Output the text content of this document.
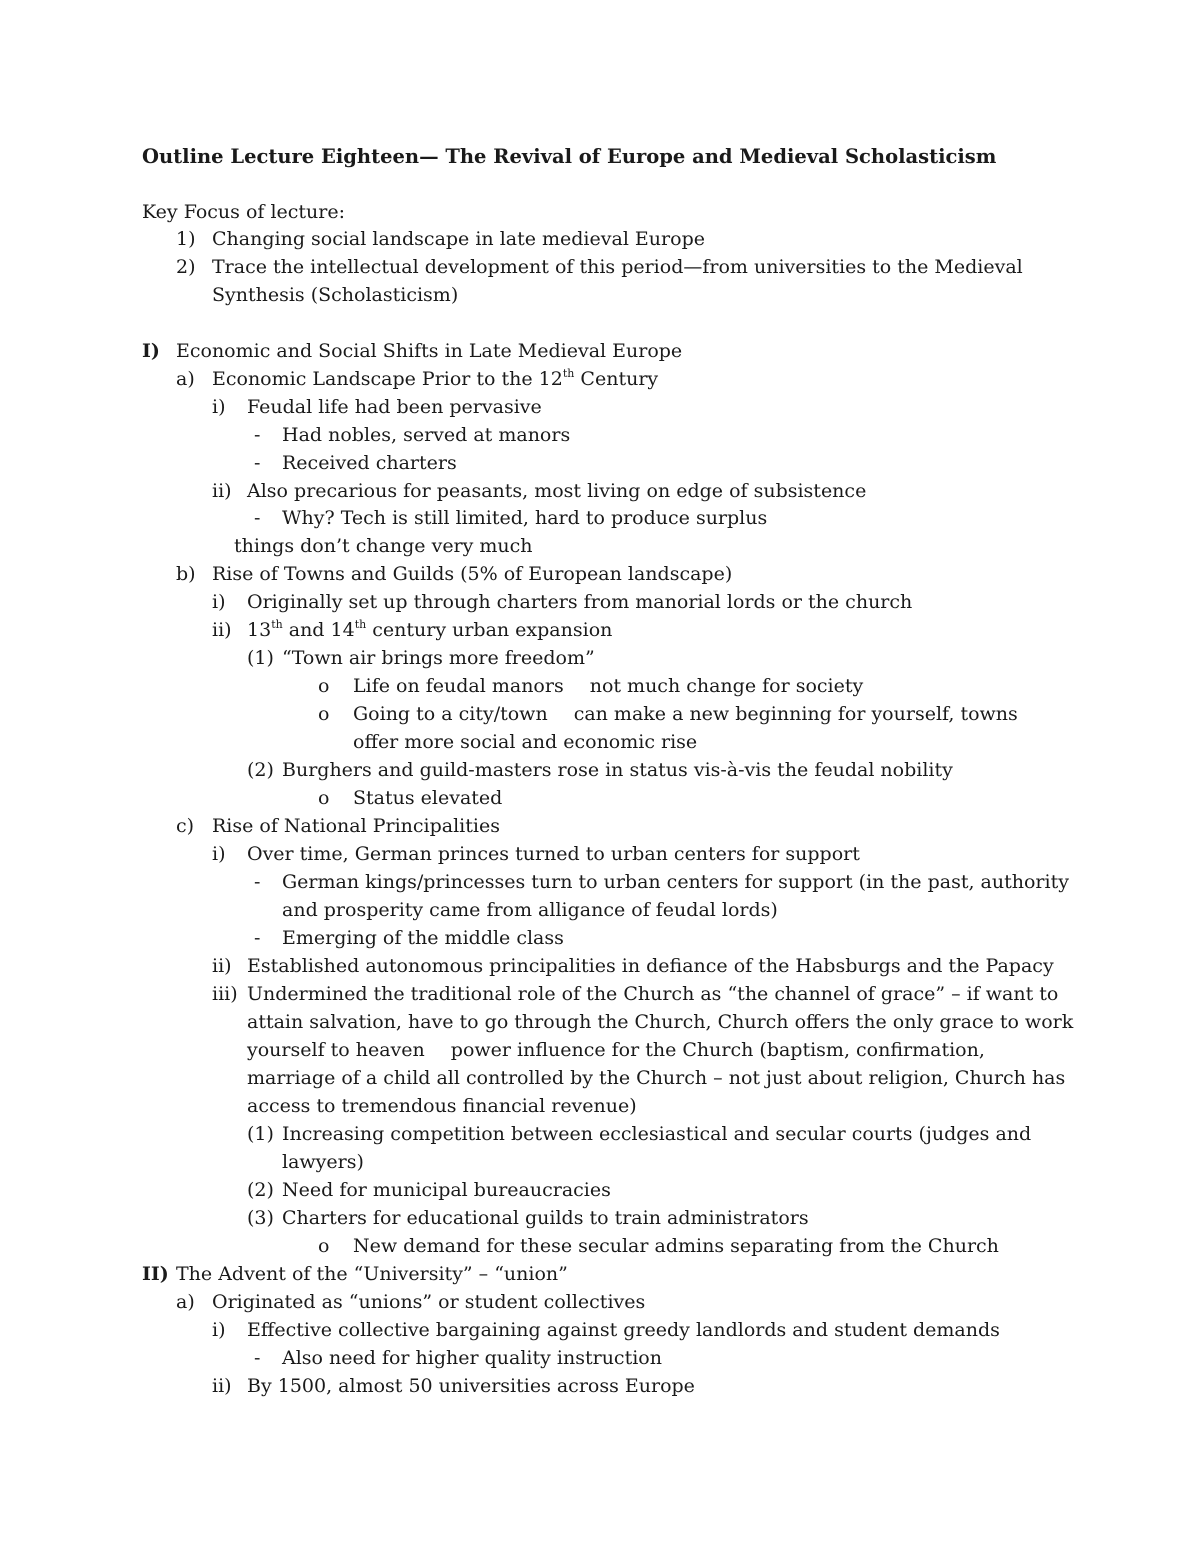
Outline Lecture Eighteen— The Revival of Europe and Medieval Scholasticism
Key Focus of lecture:
1) Changing social landscape in late medieval Europe
2) Trace the intellectual development of this period—from universities to the Medieval
Synthesis (Scholasticism)
I) Economic and Social Shifts in Late Medieval Europe
a) Economic Landscape Prior to the 12th Century
i) Feudal life had been pervasive
- Had nobles, served at manors
- Received charters
ii) Also precarious for peasants, most living on edge of subsistence
- Why? Tech is still limited, hard to produce surplus
things don’t change very much
b) Rise of Towns and Guilds (5% of European landscape)
i) Originally set up through charters from manorial lords or the church
ii) 13th and 14th century urban expansion
(1) “Town air brings more freedom”
o Life on feudal manors not much change for society
o Going to a city/town can make a new beginning for yourself, towns
offer more social and economic rise
(2) Burghers and guild-masters rose in status vis-à-vis the feudal nobility
o Status elevated
c) Rise of National Principalities
i) Over time, German princes turned to urban centers for support
- German kings/princesses turn to urban centers for support (in the past, authority
and prosperity came from alligance of feudal lords)
- Emerging of the middle class
ii) Established autonomous principalities in defiance of the Habsburgs and the Papacy
iii) Undermined the traditional role of the Church as “the channel of grace” – if want to
attain salvation, have to go through the Church, Church offers the only grace to work
yourself to heaven power influence for the Church (baptism, confirmation,
marriage of a child all controlled by the Church – not just about religion, Church has
access to tremendous financial revenue)
(1) Increasing competition between ecclesiastical and secular courts (judges and
lawyers)
(2) Need for municipal bureaucracies
(3) Charters for educational guilds to train administrators
o New demand for these secular admins separating from the Church
II) The Advent of the “University” – “union”
a) Originated as “unions” or student collectives
i) Effective collective bargaining against greedy landlords and student demands
- Also need for higher quality instruction
ii) By 1500, almost 50 universities across Europe
